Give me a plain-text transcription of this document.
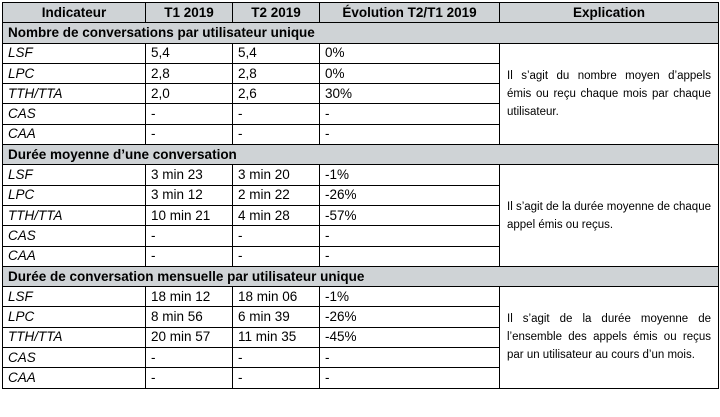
Indicateur	T1 2019	T2 2019	Évolution T2/T1 2019	Explication
Nombre de conversations par utilisateur unique				
LSF	5,4	5,4	0%	Il s’agit du nombre moyen d’appels émis ou reçu chaque mois par chaque utilisateur.
LPC	2,8	2,8	0%	
TTH/TTA	2,0	2,6	30%	
CAS	-	-	-	
CAA	-	-	-	
Durée moyenne d’une conversation				
LSF	3 min 23	3 min 20	-1%	Il s’agit de la durée moyenne de chaque appel émis ou reçus.
LPC	3 min 12	2 min 22	-26%	
TTH/TTA	10 min 21	4 min 28	-57%	
CAS	-	-	-	
CAA	-	-	-	
Durée de conversation mensuelle par utilisateur unique				
LSF	18 min 12	18 min 06	-1%	Il s’agit de la durée moyenne de l’ensemble des appels émis ou reçus par un utilisateur au cours d’un mois.
LPC	8 min 56	6 min 39	-26%	
TTH/TTA	20 min 57	11 min 35	-45%	
CAS	-	-	-	
CAA	-	-	-	
